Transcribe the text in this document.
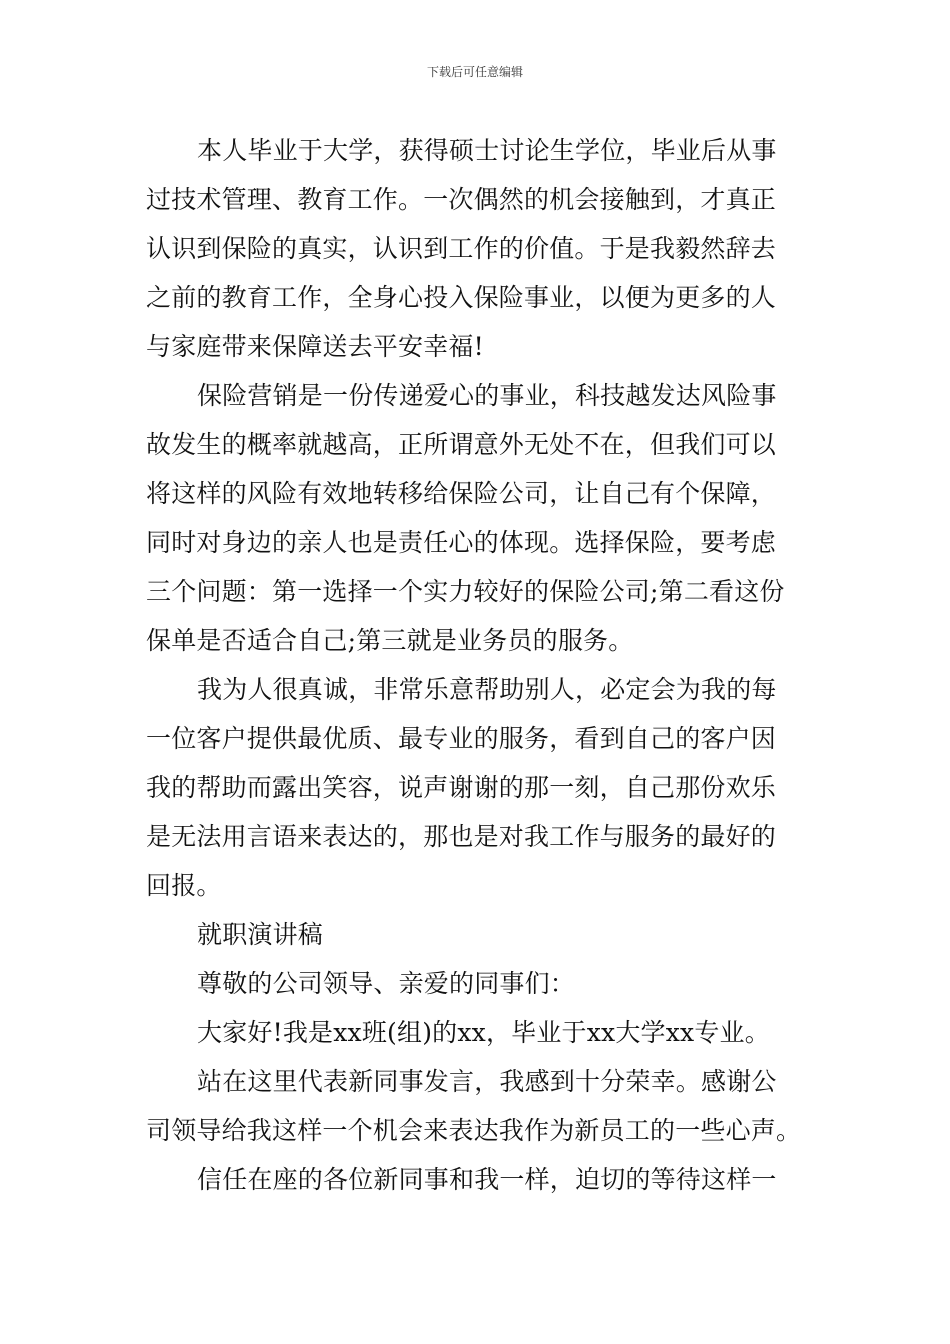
下载后可任意编辑
本人毕业于大学，获得硕士讨论生学位，毕业后从事
过技术管理、教育工作。一次偶然的机会接触到，才真正
认识到保险的真实，认识到工作的价值。于是我毅然辞去
之前的教育工作，全身心投入保险事业，以便为更多的人
与家庭带来保障送去平安幸福!
保险营销是一份传递爱心的事业，科技越发达风险事
故发生的概率就越高，正所谓意外无处不在，但我们可以
将这样的风险有效地转移给保险公司，让自己有个保障，
同时对身边的亲人也是责任心的体现。选择保险，要考虑
三个问题：第一选择一个实力较好的保险公司;第二看这份
保单是否适合自己;第三就是业务员的服务。
我为人很真诚，非常乐意帮助别人，必定会为我的每
一位客户提供最优质、最专业的服务，看到自己的客户因
我的帮助而露出笑容，说声谢谢的那一刻，自己那份欢乐
是无法用言语来表达的，那也是对我工作与服务的最好的
回报。
就职演讲稿
尊敬的公司领导、亲爱的同事们：
大家好!我是xx班(组)的xx，毕业于xx大学xx专业。
站在这里代表新同事发言，我感到十分荣幸。感谢公
司领导给我这样一个机会来表达我作为新员工的一些心声。
信任在座的各位新同事和我一样，迫切的等待这样一
